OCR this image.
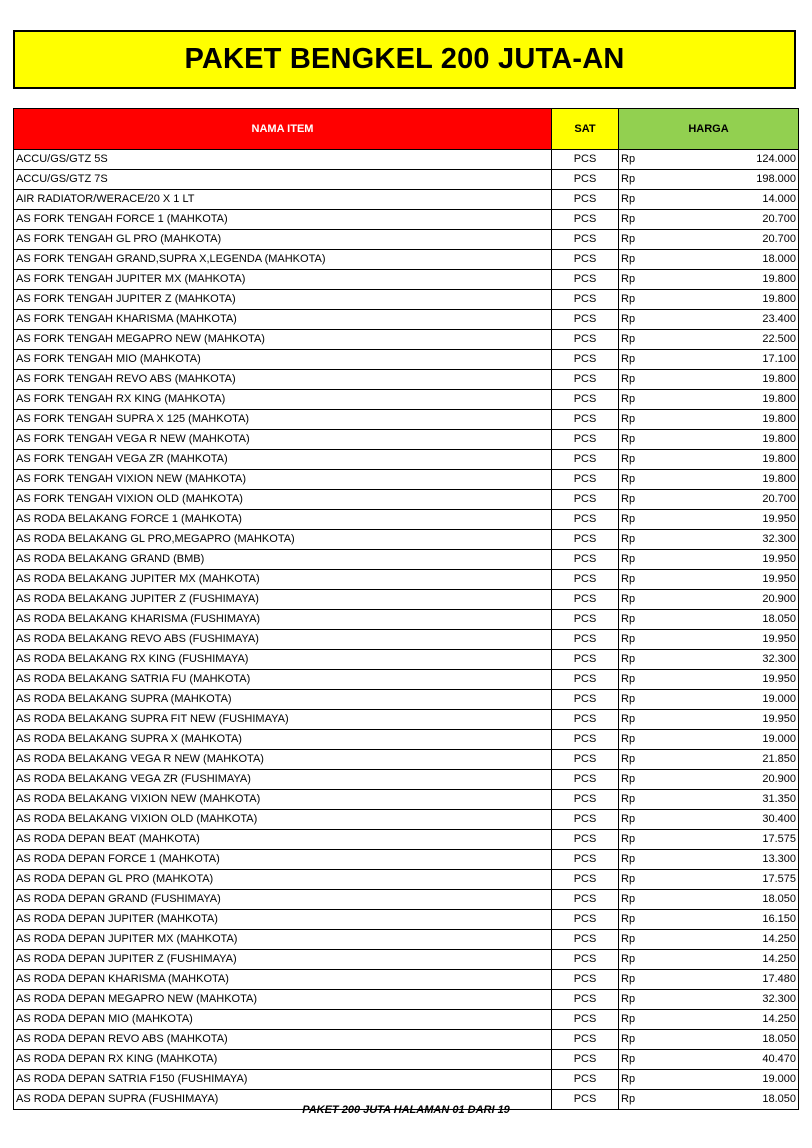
PAKET BENGKEL 200 JUTA-AN
NAMA ITEM	SAT	HARGA
ACCU/GS/GTZ 5S	PCS	Rp 124.000

ACCU/GS/GTZ 7S	PCS	Rp 198.000

AIR RADIATOR/WERACE/20 X 1 LT	PCS	Rp 14.000

AS FORK TENGAH FORCE 1 (MAHKOTA)	PCS	Rp 20.700

AS FORK TENGAH GL PRO (MAHKOTA)	PCS	Rp 20.700

AS FORK TENGAH GRAND,SUPRA X,LEGENDA (MAHKOTA)	PCS	Rp 18.000

AS FORK TENGAH JUPITER MX (MAHKOTA)	PCS	Rp 19.800

AS FORK TENGAH JUPITER Z (MAHKOTA)	PCS	Rp 19.800

AS FORK TENGAH KHARISMA (MAHKOTA)	PCS	Rp 23.400

AS FORK TENGAH MEGAPRO NEW (MAHKOTA)	PCS	Rp 22.500

AS FORK TENGAH MIO (MAHKOTA)	PCS	Rp 17.100

AS FORK TENGAH REVO ABS (MAHKOTA)	PCS	Rp 19.800

AS FORK TENGAH RX KING (MAHKOTA)	PCS	Rp 19.800

AS FORK TENGAH SUPRA X 125 (MAHKOTA)	PCS	Rp 19.800

AS FORK TENGAH VEGA R NEW (MAHKOTA)	PCS	Rp 19.800

AS FORK TENGAH VEGA ZR (MAHKOTA)	PCS	Rp 19.800

AS FORK TENGAH VIXION NEW (MAHKOTA)	PCS	Rp 19.800

AS FORK TENGAH VIXION OLD (MAHKOTA)	PCS	Rp 20.700

AS RODA BELAKANG FORCE 1 (MAHKOTA)	PCS	Rp 19.950

AS RODA BELAKANG GL PRO,MEGAPRO (MAHKOTA)	PCS	Rp 32.300

AS RODA BELAKANG GRAND (BMB)	PCS	Rp 19.950

AS RODA BELAKANG JUPITER MX (MAHKOTA)	PCS	Rp 19.950

AS RODA BELAKANG JUPITER Z (FUSHIMAYA)	PCS	Rp 20.900

AS RODA BELAKANG KHARISMA (FUSHIMAYA)	PCS	Rp 18.050

AS RODA BELAKANG REVO ABS (FUSHIMAYA)	PCS	Rp 19.950

AS RODA BELAKANG RX KING (FUSHIMAYA)	PCS	Rp 32.300

AS RODA BELAKANG SATRIA FU (MAHKOTA)	PCS	Rp 19.950

AS RODA BELAKANG SUPRA (MAHKOTA)	PCS	Rp 19.000

AS RODA BELAKANG SUPRA FIT NEW (FUSHIMAYA)	PCS	Rp 19.950

AS RODA BELAKANG SUPRA X (MAHKOTA)	PCS	Rp 19.000

AS RODA BELAKANG VEGA R NEW (MAHKOTA)	PCS	Rp 21.850

AS RODA BELAKANG VEGA ZR (FUSHIMAYA)	PCS	Rp 20.900

AS RODA BELAKANG VIXION NEW (MAHKOTA)	PCS	Rp 31.350

AS RODA BELAKANG VIXION OLD (MAHKOTA)	PCS	Rp 30.400

AS RODA DEPAN BEAT (MAHKOTA)	PCS	Rp 17.575

AS RODA DEPAN FORCE 1 (MAHKOTA)	PCS	Rp 13.300

AS RODA DEPAN GL PRO (MAHKOTA)	PCS	Rp 17.575

AS RODA DEPAN GRAND (FUSHIMAYA)	PCS	Rp 18.050

AS RODA DEPAN JUPITER (MAHKOTA)	PCS	Rp 16.150

AS RODA DEPAN JUPITER MX (MAHKOTA)	PCS	Rp 14.250

AS RODA DEPAN JUPITER Z (FUSHIMAYA)	PCS	Rp 14.250

AS RODA DEPAN KHARISMA (MAHKOTA)	PCS	Rp 17.480

AS RODA DEPAN MEGAPRO NEW (MAHKOTA)	PCS	Rp 32.300

AS RODA DEPAN MIO (MAHKOTA)	PCS	Rp 14.250

AS RODA DEPAN REVO ABS (MAHKOTA)	PCS	Rp 18.050

AS RODA DEPAN RX KING (MAHKOTA)	PCS	Rp 40.470

AS RODA DEPAN SATRIA F150 (FUSHIMAYA)	PCS	Rp 19.000

AS RODA DEPAN SUPRA (FUSHIMAYA)	PCS	Rp 18.050
PAKET 200 JUTA HALAMAN 01 DARI 19
